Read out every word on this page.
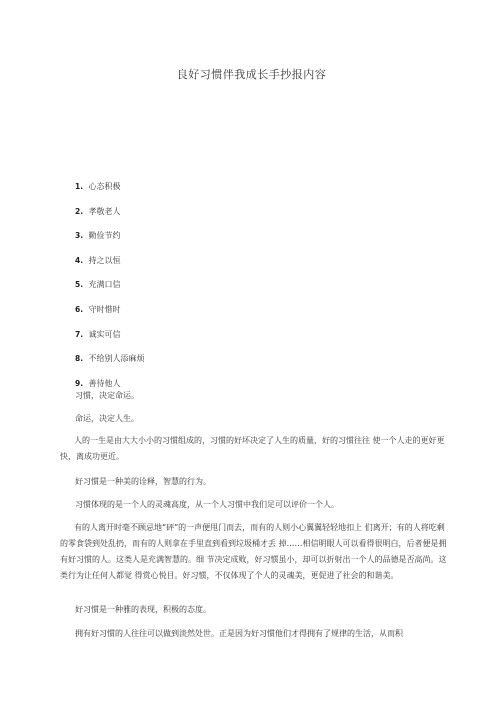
良好习惯伴我成长手抄报内容
1. 心态积极
2. 孝敬老人
3. 勤俭节约
4. 持之以恒
5. 充满口信
6. 守时惜时
7. 诚实可信
8. 不给别人添麻烦
9. 善待他人

习惯，决定命运。

命运，决定人生。

人的一生是由大大小小的习惯组成的，习惯的好坏决定了人生的质量，好的习惯往往 使一个人走的更好更快，离成功更近。

好习惯是一种美的诠释，智慧的行为。

习惯体现的是一个人的灵魂高度，从一个人习惯中我们足可以评价一个人。

有的人离开时毫不顾忌地“砰”的一声便甩门而去，而有的人则小心翼翼轻轻地扣上 们离开；有的人将吃剩的零食袋到处乱扔，而有的人则拿在手里直到看到垃圾桶才丢 掉……相信明眼人可以看得很明白，后者便是拥有好习惯的人。这类人是充满智慧的。细 节决定成败，好习惯虽小，却可以折射出一个人的品德是否高尚。这类行为让任何人都觉 得赏心悦目。好习惯，不仅体现了个人的灵魂美，更促进了社会的和谐美。

好习惯是一种雅的表现，积极的态度。

拥有好习惯的人往往可以做到淡然处世。正是因为好习惯他们才得拥有了规律的生活，从而积
